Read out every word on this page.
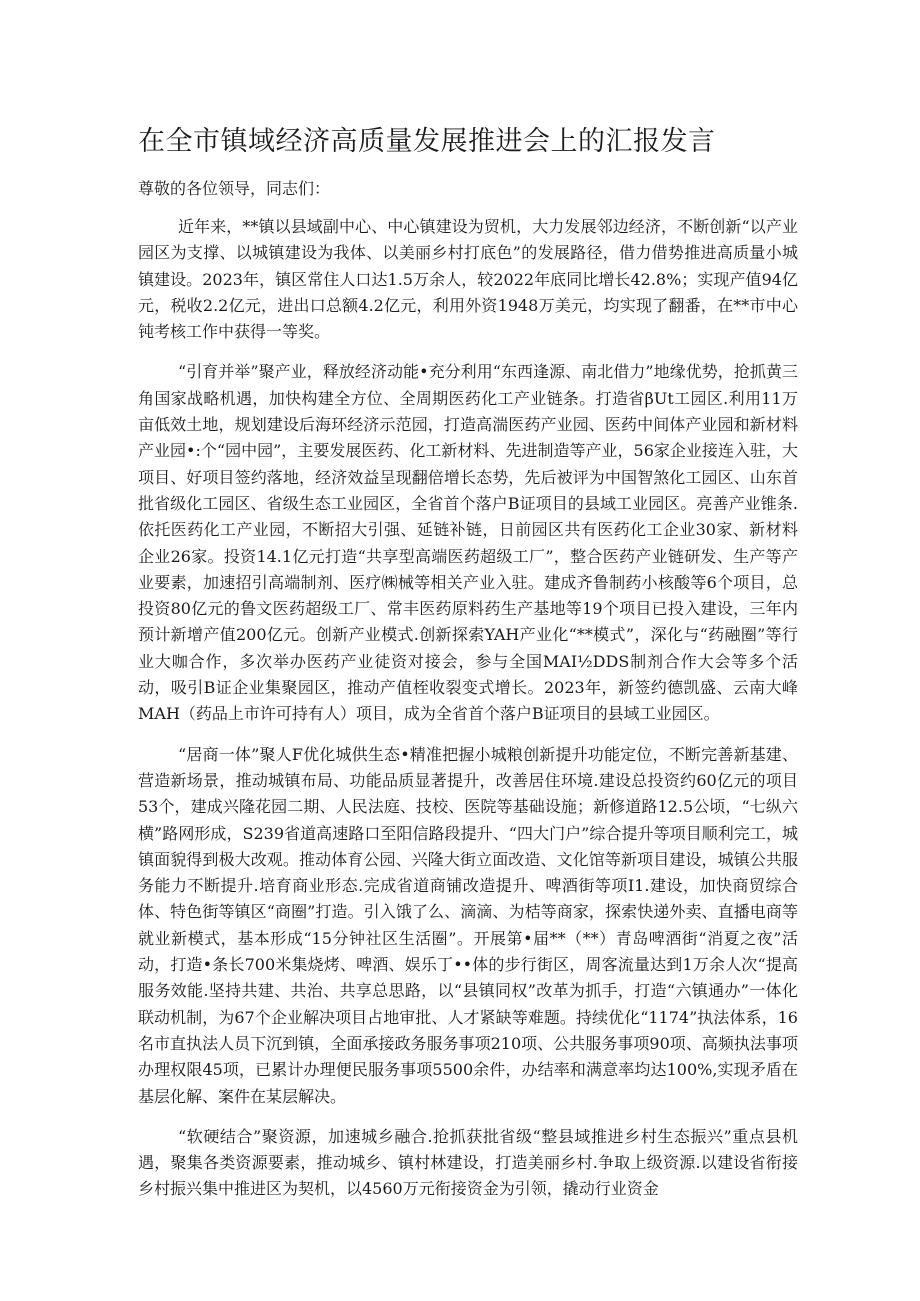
在全市镇域经济高质量发展推进会上的汇报发言

尊敬的各位领导，同志们：

近年来，**镇以县域副中心、中心镇建设为贸机，大力发展邻边经济，不断创新“以产业园区为支撑、以城镇建设为我体、以美丽乡村打底色”的发展路径，借力借势推进高质量小城镇建设。2023年，镇区常住人口达1.5万余人，较2022年底同比增长42.8%；实现产值94亿元，税收2.2亿元，进出口总额4.2亿元，利用外资1948万美元，均实现了翻番，在**市中心钝考核工作中获得一等奖。

“引育并举”聚产业，释放经济动能•充分利用“东西逢源、南北借力”地缘优势，抢抓黄三角国家战略机遇，加快构建全方位、全周期医药化工产业链条。打造省βUt工园区.利用11万亩低效土地，规划建设后海环经济示范园，打造高湍医药产业园、医药中间体产业园和新材料产业园•:个“园中园”，主要发展医药、化工新材料、先进制造等产业，56家企业接连入驻，大项目、好项目签约落地，经济效益呈现翻倍增长态势，先后被评为中国智煞化工园区、山东首批省级化工园区、省级生态工业园区，全省首个落户B证项目的县域工业园区。亮善产业锥条.依托医药化工产业园，不断招大引强、延链补链，日前园区共有医药化工企业30家、新材料企业26家。投资14.1亿元打造“共享型高端医药超级工厂”，整合医药产业链研发、生产等产业要素，加速招引高端制剂、医疗㈱械等相关产业入驻。建成齐鲁制药小核酸等6个项目，总投资80亿元的鲁文医药超级工厂、常丰医药原料药生产基地等19个项目已投入建设，三年内预计新增产值200亿元。创新产业模式.创新探索YAH产业化“**模式”，深化与“药融圈”等行业大咖合作，多次举办医药产业徒资对接会，参与全国MAI½DDS制剂合作大会等多个活动，吸引B证企业集聚园区，推动产值桎收裂变式增长。2023年，新签约德凯盛、云南大峰MAH（药品上市许可持有人）项目，成为全省首个落户B证项目的县域工业园区。

“居商一体”聚人F优化城供生态•精准把握小城粮创新提升功能定位，不断完善新基建、营造新场景，推动城镇布局、功能品质显著提升，改善居住环境.建设总投资约60亿元的项目53个，建成兴隆花园二期、人民法庭、技校、医院等基础设施；新修道路12.5公顷，“七纵六横”路网形成，S239省道高速路口至阳信路段提升、“四大门户”综合提升等项目顺利完工，城镇面貌得到极大改观。推动体育公园、兴隆大街立面改造、文化馆等新项目建设，城镇公共服务能力不断提升.培育商业形态.完成省道商铺改造提升、啤酒街等项I1.建设，加快商贸综合体、特色街等镇区“商圈”打造。引入饿了么、滴滴、为桔等商家，探索快递外卖、直播电商等就业新模式，基本形成“15分钟社区生活圈”。开展第•届**（**）青岛啤酒街“消夏之夜”活动，打造•条长700米集烧烤、啤酒、娱乐丁••体的步行街区，周客流量达到1万余人次“提高服务效能.坚持共建、共治、共享总思路，以“县镇同权”改革为抓手，打造“六镇通办”一体化联动机制，为67个企业解决项目占地审批、人才紧缺等难题。持续优化“1174”执法体系，16名市直执法人员下沉到镇，全面承接政务服务事项210项、公共服务事项90项、高频执法事项办理权限45项，已累计办理便民服务事项5500余件，办结率和满意率均达100%,实现矛盾在基层化解、案件在某层解决。

“软硬结合”聚资源，加速城乡融合.抢抓获批省级“整县域推进乡村生态振兴”重点县机遇，聚集各类资源要素，推动城乡、镇村林建设，打造美丽乡村.争取上级资源.以建设省衔接乡村振兴集中推进区为契机，以4560万元衔接资金为引领，撬动行业资金
